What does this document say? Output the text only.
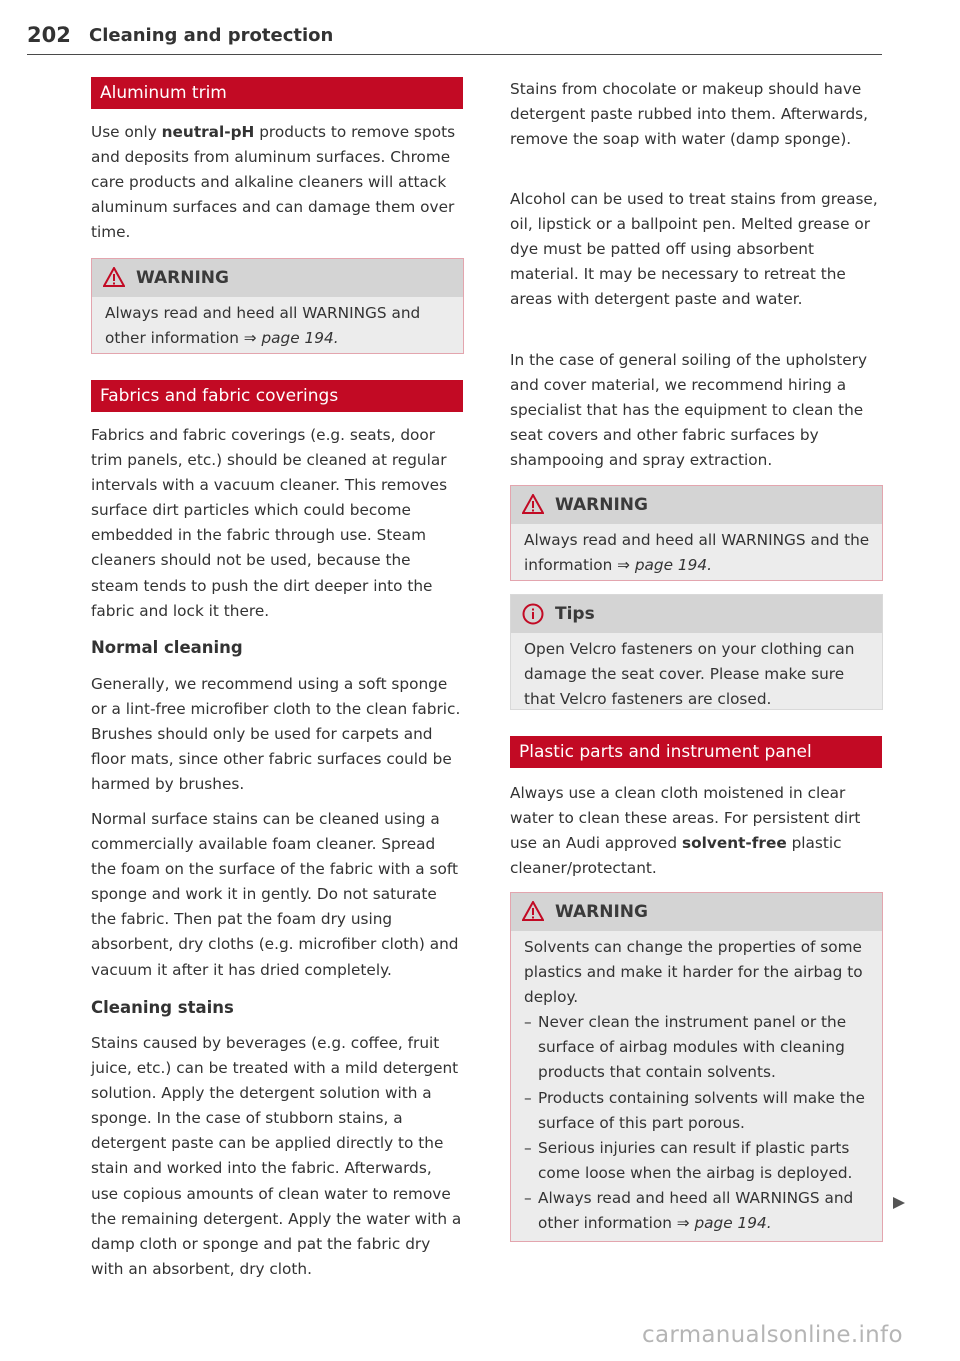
202 Cleaning and protection
Aluminum trim
Use only neutral-pH products to remove spots and deposits from aluminum surfaces. Chrome care products and alkaline cleaners will attack aluminum surfaces and can damage them over time.
WARNING
Always read and heed all WARNINGS and other information ⇒ page 194.
Fabrics and fabric coverings
Fabrics and fabric coverings (e.g. seats, door trim panels, etc.) should be cleaned at regular intervals with a vacuum cleaner. This removes surface dirt particles which could become embedded in the fabric through use. Steam cleaners should not be used, because the steam tends to push the dirt deeper into the fabric and lock it there.
Normal cleaning
Generally, we recommend using a soft sponge or a lint-free microfiber cloth to the clean fabric. Brushes should only be used for carpets and floor mats, since other fabric surfaces could be harmed by brushes.
Normal surface stains can be cleaned using a commercially available foam cleaner. Spread the foam on the surface of the fabric with a soft sponge and work it in gently. Do not saturate the fabric. Then pat the foam dry using absorbent, dry cloths (e.g. microfiber cloth) and vacuum it after it has dried completely.
Cleaning stains
Stains caused by beverages (e.g. coffee, fruit juice, etc.) can be treated with a mild detergent solution. Apply the detergent solution with a sponge. In the case of stubborn stains, a detergent paste can be applied directly to the stain and worked into the fabric. Afterwards, use copious amounts of clean water to remove the remaining detergent. Apply the water with a damp cloth or sponge and pat the fabric dry with an absorbent, dry cloth.
Stains from chocolate or makeup should have detergent paste rubbed into them. Afterwards, remove the soap with water (damp sponge).
Alcohol can be used to treat stains from grease, oil, lipstick or a ballpoint pen. Melted grease or dye must be patted off using absorbent material. It may be necessary to retreat the areas with detergent paste and water.
In the case of general soiling of the upholstery and cover material, we recommend hiring a specialist that has the equipment to clean the seat covers and other fabric surfaces by shampooing and spray extraction.
WARNING
Always read and heed all WARNINGS and the information ⇒ page 194.
Tips
Open Velcro fasteners on your clothing can damage the seat cover. Please make sure that Velcro fasteners are closed.
Plastic parts and instrument panel
Always use a clean cloth moistened in clear water to clean these areas. For persistent dirt use an Audi approved solvent-free plastic cleaner/protectant.
WARNING
Solvents can change the properties of some plastics and make it harder for the airbag to deploy.
– Never clean the instrument panel or the surface of airbag modules with cleaning products that contain solvents.
– Products containing solvents will make the surface of this part porous.
– Serious injuries can result if plastic parts come loose when the airbag is deployed.
– Always read and heed all WARNINGS and other information ⇒ page 194.
carmanualsonline.info
